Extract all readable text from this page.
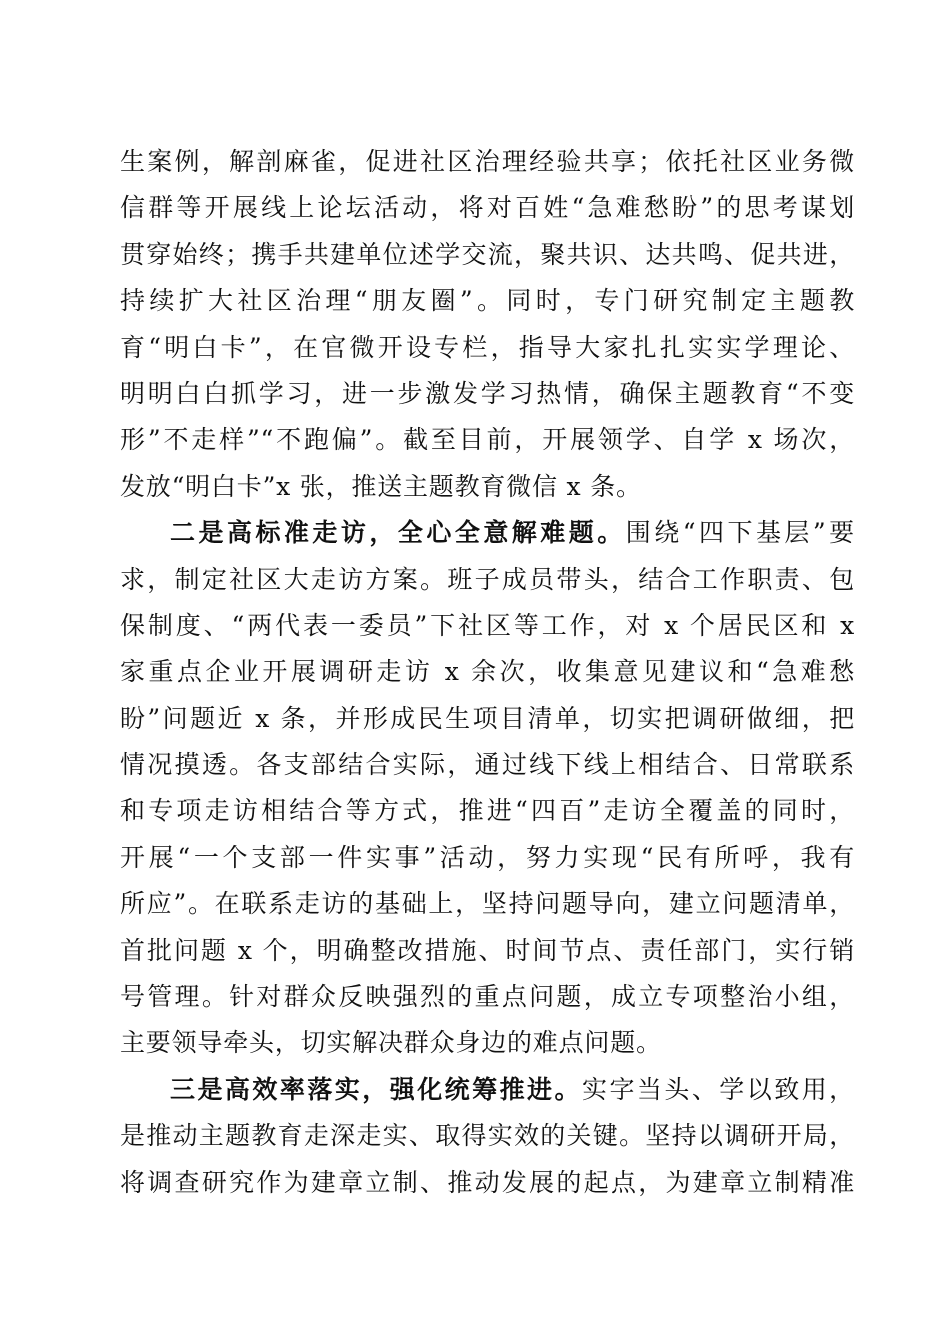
生案例，解剖麻雀，促进社区治理经验共享；依托社区业务微
信群等开展线上论坛活动，将对百姓“急难愁盼”的思考谋划
贯穿始终；携手共建单位述学交流，聚共识、达共鸣、促共进，
持续扩大社区治理“朋友圈”。同时，专门研究制定主题教
育“明白卡”，在官微开设专栏，指导大家扎扎实实学理论、
明明白白抓学习，进一步激发学习热情，确保主题教育“不变
形”不走样”“不跑偏”。截至目前，开展领学、自学 x 场次，
发放“明白卡”x 张，推送主题教育微信 x 条。
二是高标准走访，全心全意解难题。围绕“四下基层”要
求，制定社区大走访方案。班子成员带头，结合工作职责、包
保制度、“两代表一委员”下社区等工作，对 x 个居民区和 x
家重点企业开展调研走访 x 余次，收集意见建议和“急难愁
盼”问题近 x 条，并形成民生项目清单，切实把调研做细，把
情况摸透。各支部结合实际，通过线下线上相结合、日常联系
和专项走访相结合等方式，推进“四百”走访全覆盖的同时，
开展“一个支部一件实事”活动，努力实现“民有所呼，我有
所应”。在联系走访的基础上，坚持问题导向，建立问题清单，
首批问题 x 个，明确整改措施、时间节点、责任部门，实行销
号管理。针对群众反映强烈的重点问题，成立专项整治小组，
主要领导牵头，切实解决群众身边的难点问题。
三是高效率落实，强化统筹推进。实字当头、学以致用，
是推动主题教育走深走实、取得实效的关键。坚持以调研开局，
将调查研究作为建章立制、推动发展的起点，为建章立制精准
